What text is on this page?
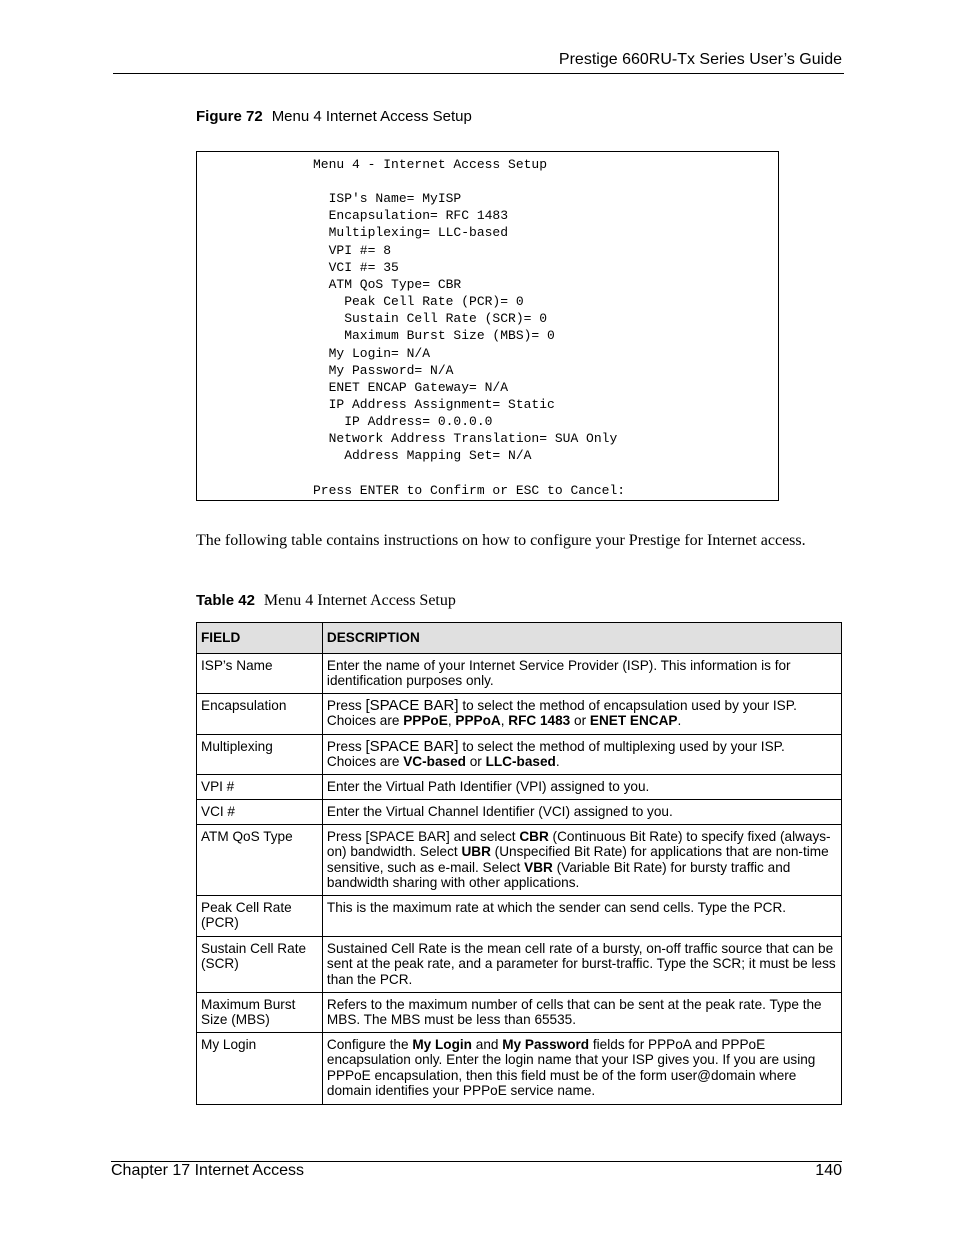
Prestige 660RU-Tx Series User’s Guide
Figure 72 Menu 4 Internet Access Setup
Menu 4 - Internet Access Setup
ISP's Name= MyISP
Encapsulation= RFC 1483
Multiplexing= LLC-based
VPI #= 8
VCI #= 35
ATM QoS Type= CBR
Peak Cell Rate (PCR)= 0
Sustain Cell Rate (SCR)= 0
Maximum Burst Size (MBS)= 0
My Login= N/A
My Password= N/A
ENET ENCAP Gateway= N/A
IP Address Assignment= Static
IP Address= 0.0.0.0
Network Address Translation= SUA Only
Address Mapping Set= N/A
Press ENTER to Confirm or ESC to Cancel:
The following table contains instructions on how to configure your Prestige for Internet access.
Table 42 Menu 4 Internet Access Setup
FIELD	DESCRIPTION
ISP’s Name	Enter the name of your Internet Service Provider (ISP). This information is for identification purposes only.
Encapsulation	Press [SPACE BAR] to select the method of encapsulation used by your ISP. Choices are PPPoE, PPPoA, RFC 1483 or ENET ENCAP.
Multiplexing	Press [SPACE BAR] to select the method of multiplexing used by your ISP. Choices are VC-based or LLC-based.
VPI #	Enter the Virtual Path Identifier (VPI) assigned to you.
VCI #	Enter the Virtual Channel Identifier (VCI) assigned to you.
ATM QoS Type	Press [SPACE BAR] and select CBR (Continuous Bit Rate) to specify fixed (always-on) bandwidth. Select UBR (Unspecified Bit Rate) for applications that are non-time sensitive, such as e-mail. Select VBR (Variable Bit Rate) for bursty traffic and bandwidth sharing with other applications.
Peak Cell Rate (PCR)	This is the maximum rate at which the sender can send cells. Type the PCR.
Sustain Cell Rate (SCR)	Sustained Cell Rate is the mean cell rate of a bursty, on-off traffic source that can be sent at the peak rate, and a parameter for burst-traffic. Type the SCR; it must be less than the PCR.
Maximum Burst Size (MBS)	Refers to the maximum number of cells that can be sent at the peak rate. Type the MBS. The MBS must be less than 65535.
My Login	Configure the My Login and My Password fields for PPPoA and PPPoE encapsulation only. Enter the login name that your ISP gives you. If you are using PPPoE encapsulation, then this field must be of the form user@domain where domain identifies your PPPoE service name.
Chapter 17 Internet Access	140
